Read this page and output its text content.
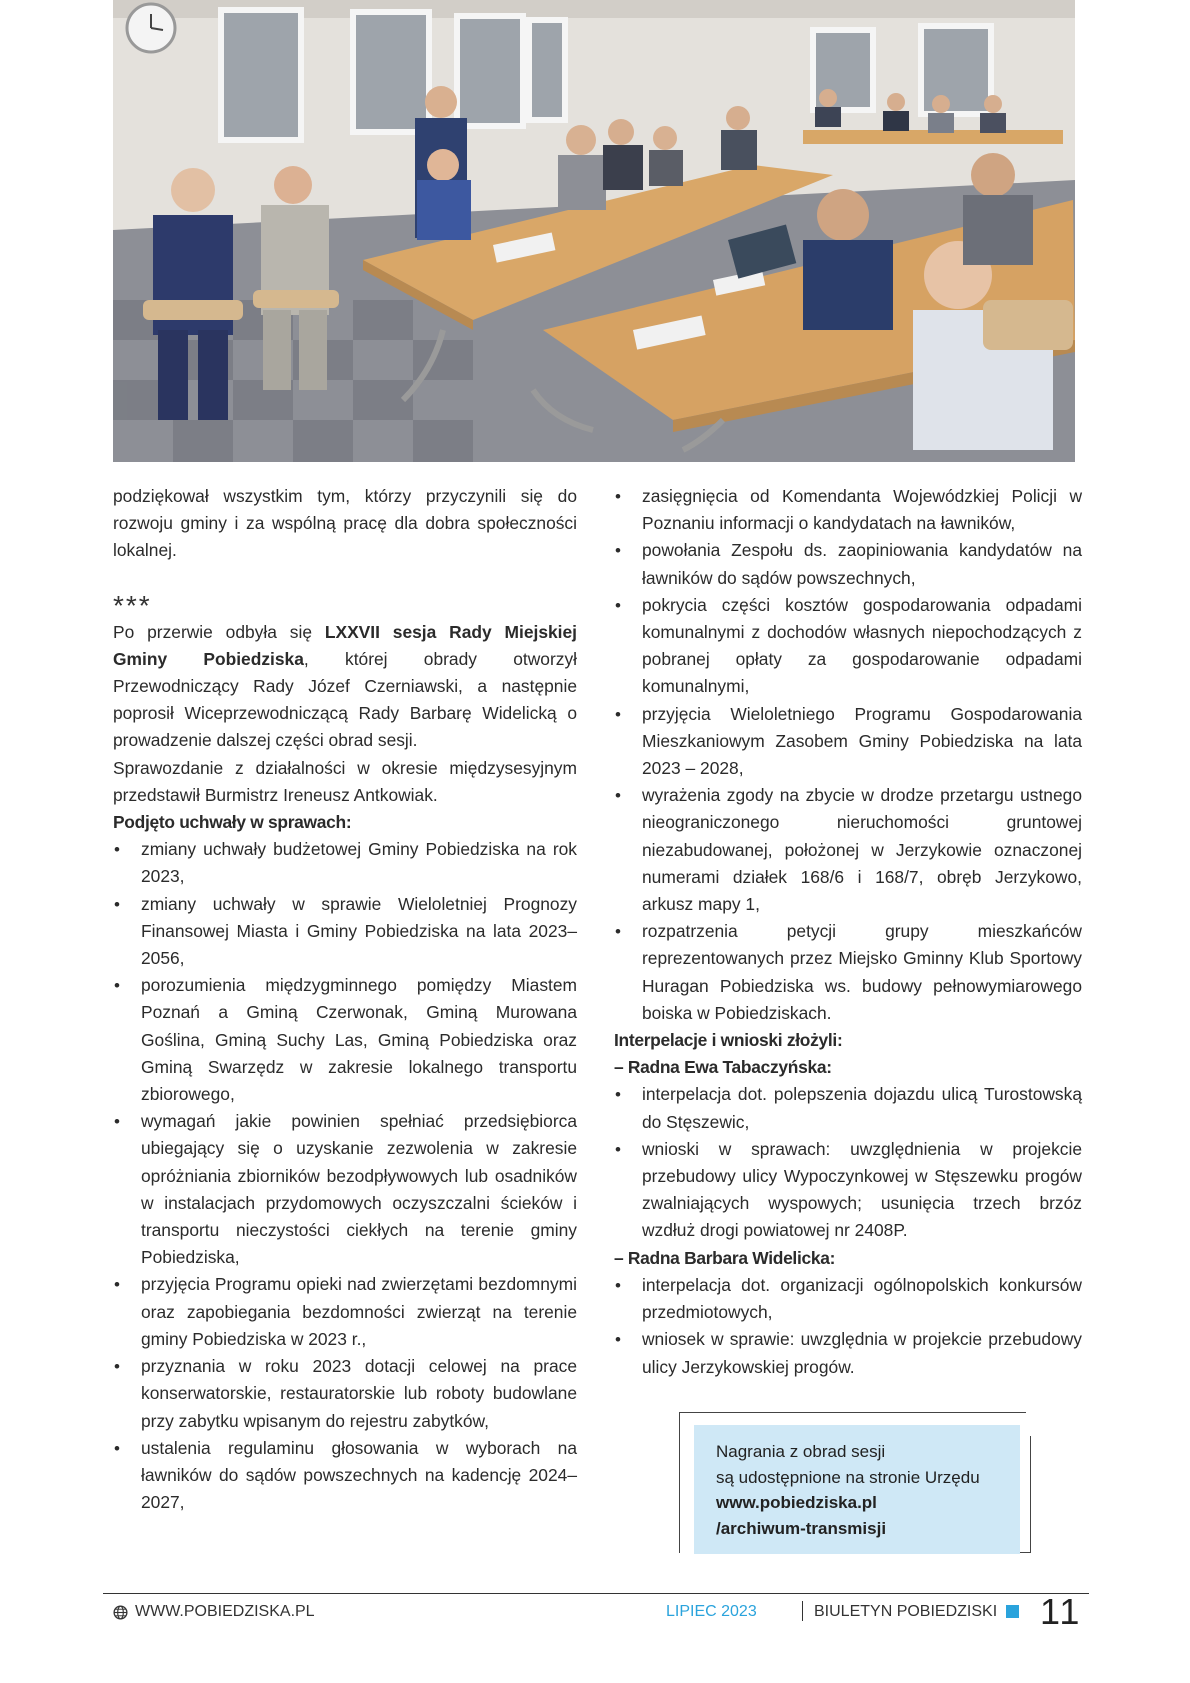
podziękował wszystkim tym, którzy przyczynili się do rozwoju gminy i za wspólną pracę dla dobra społeczności lokalnej.

***

Po przerwie odbyła się LXXVII sesja Rady Miejskiej Gminy Pobiedziska, której obrady otworzył Przewodniczący Rady Józef Czerniawski, a następnie poprosił Wiceprzewodniczącą Rady Barbarę Widelicką o prowadzenie dalszej części obrad sesji.

Sprawozdanie z działalności w okresie międzysesyjnym przedstawił Burmistrz Ireneusz Antkowiak.

Podjęto uchwały w sprawach:

• zmiany uchwały budżetowej Gminy Pobiedziska na rok 2023,
• zmiany uchwały w sprawie Wieloletniej Prognozy Finansowej Miasta i Gminy Pobiedziska na lata 2023–2056,
• porozumienia międzygminnego pomiędzy Miastem Poznań a Gminą Czerwonak, Gminą Murowana Goślina, Gminą Suchy Las, Gminą Pobiedziska oraz Gminą Swarzędz w zakresie lokalnego transportu zbiorowego,
• wymagań jakie powinien spełniać przedsiębiorca ubiegający się o uzyskanie zezwolenia w zakresie opróżniania zbiorników bezodpływowych lub osadników w instalacjach przydomowych oczyszczalni ścieków i transportu nieczystości ciekłych na terenie gminy Pobiedziska,
• przyjęcia Programu opieki nad zwierzętami bezdomnymi oraz zapobiegania bezdomności zwierząt na terenie gminy Pobiedziska w 2023 r.,
• przyznania w roku 2023 dotacji celowej na prace konserwatorskie, restauratorskie lub roboty budowlane przy zabytku wpisanym do rejestru zabytków,
• ustalenia regulaminu głosowania w wyborach na ławników do sądów powszechnych na kadencję 2024–2027,
• zasięgnięcia od Komendanta Wojewódzkiej Policji w Poznaniu informacji o kandydatach na ławników,
• powołania Zespołu ds. zaopiniowania kandydatów na ławników do sądów powszechnych,
• pokrycia części kosztów gospodarowania odpadami komunalnymi z dochodów własnych niepochodzących z pobranej opłaty za gospodarowanie odpadami komunalnymi,
• przyjęcia Wieloletniego Programu Gospodarowania Mieszkaniowym Zasobem Gminy Pobiedziska na lata 2023 – 2028,
• wyrażenia zgody na zbycie w drodze przetargu ustnego nieograniczonego nieruchomości gruntowej niezabudowanej, położonej w Jerzykowie oznaczonej numerami działek 168/6 i 168/7, obręb Jerzykowo, arkusz mapy 1,
• rozpatrzenia petycji grupy mieszkańców reprezentowanych przez Miejsko Gminny Klub Sportowy Huragan Pobiedziska ws. budowy pełnowymiarowego boiska w Pobiedziskach.

Interpelacje i wnioski złożyli:

– Radna Ewa Tabaczyńska:

• interpelacja dot. polepszenia dojazdu ulicą Turostowską do Stęszewic,
• wnioski w sprawach: uwzględnienia w projekcie przebudowy ulicy Wypoczynkowej w Stęszewku progów zwalniających wyspowych; usunięcia trzech brzóz wzdłuż drogi powiatowej nr 2408P.

– Radna Barbara Widelicka:

• interpelacja dot. organizacji ogólnopolskich konkursów przedmiotowych,
• wniosek w sprawie: uwzględnia w projekcie przebudowy ulicy Jerzykowskiej progów.
Nagrania z obrad sesji
są udostępnione na stronie Urzędu
www.pobiedziska.pl
/archiwum-transmisji
WWW.POBIEDZISKA.PL	LIPIEC 2023	BIULETYN POBIEDZISKI 11
